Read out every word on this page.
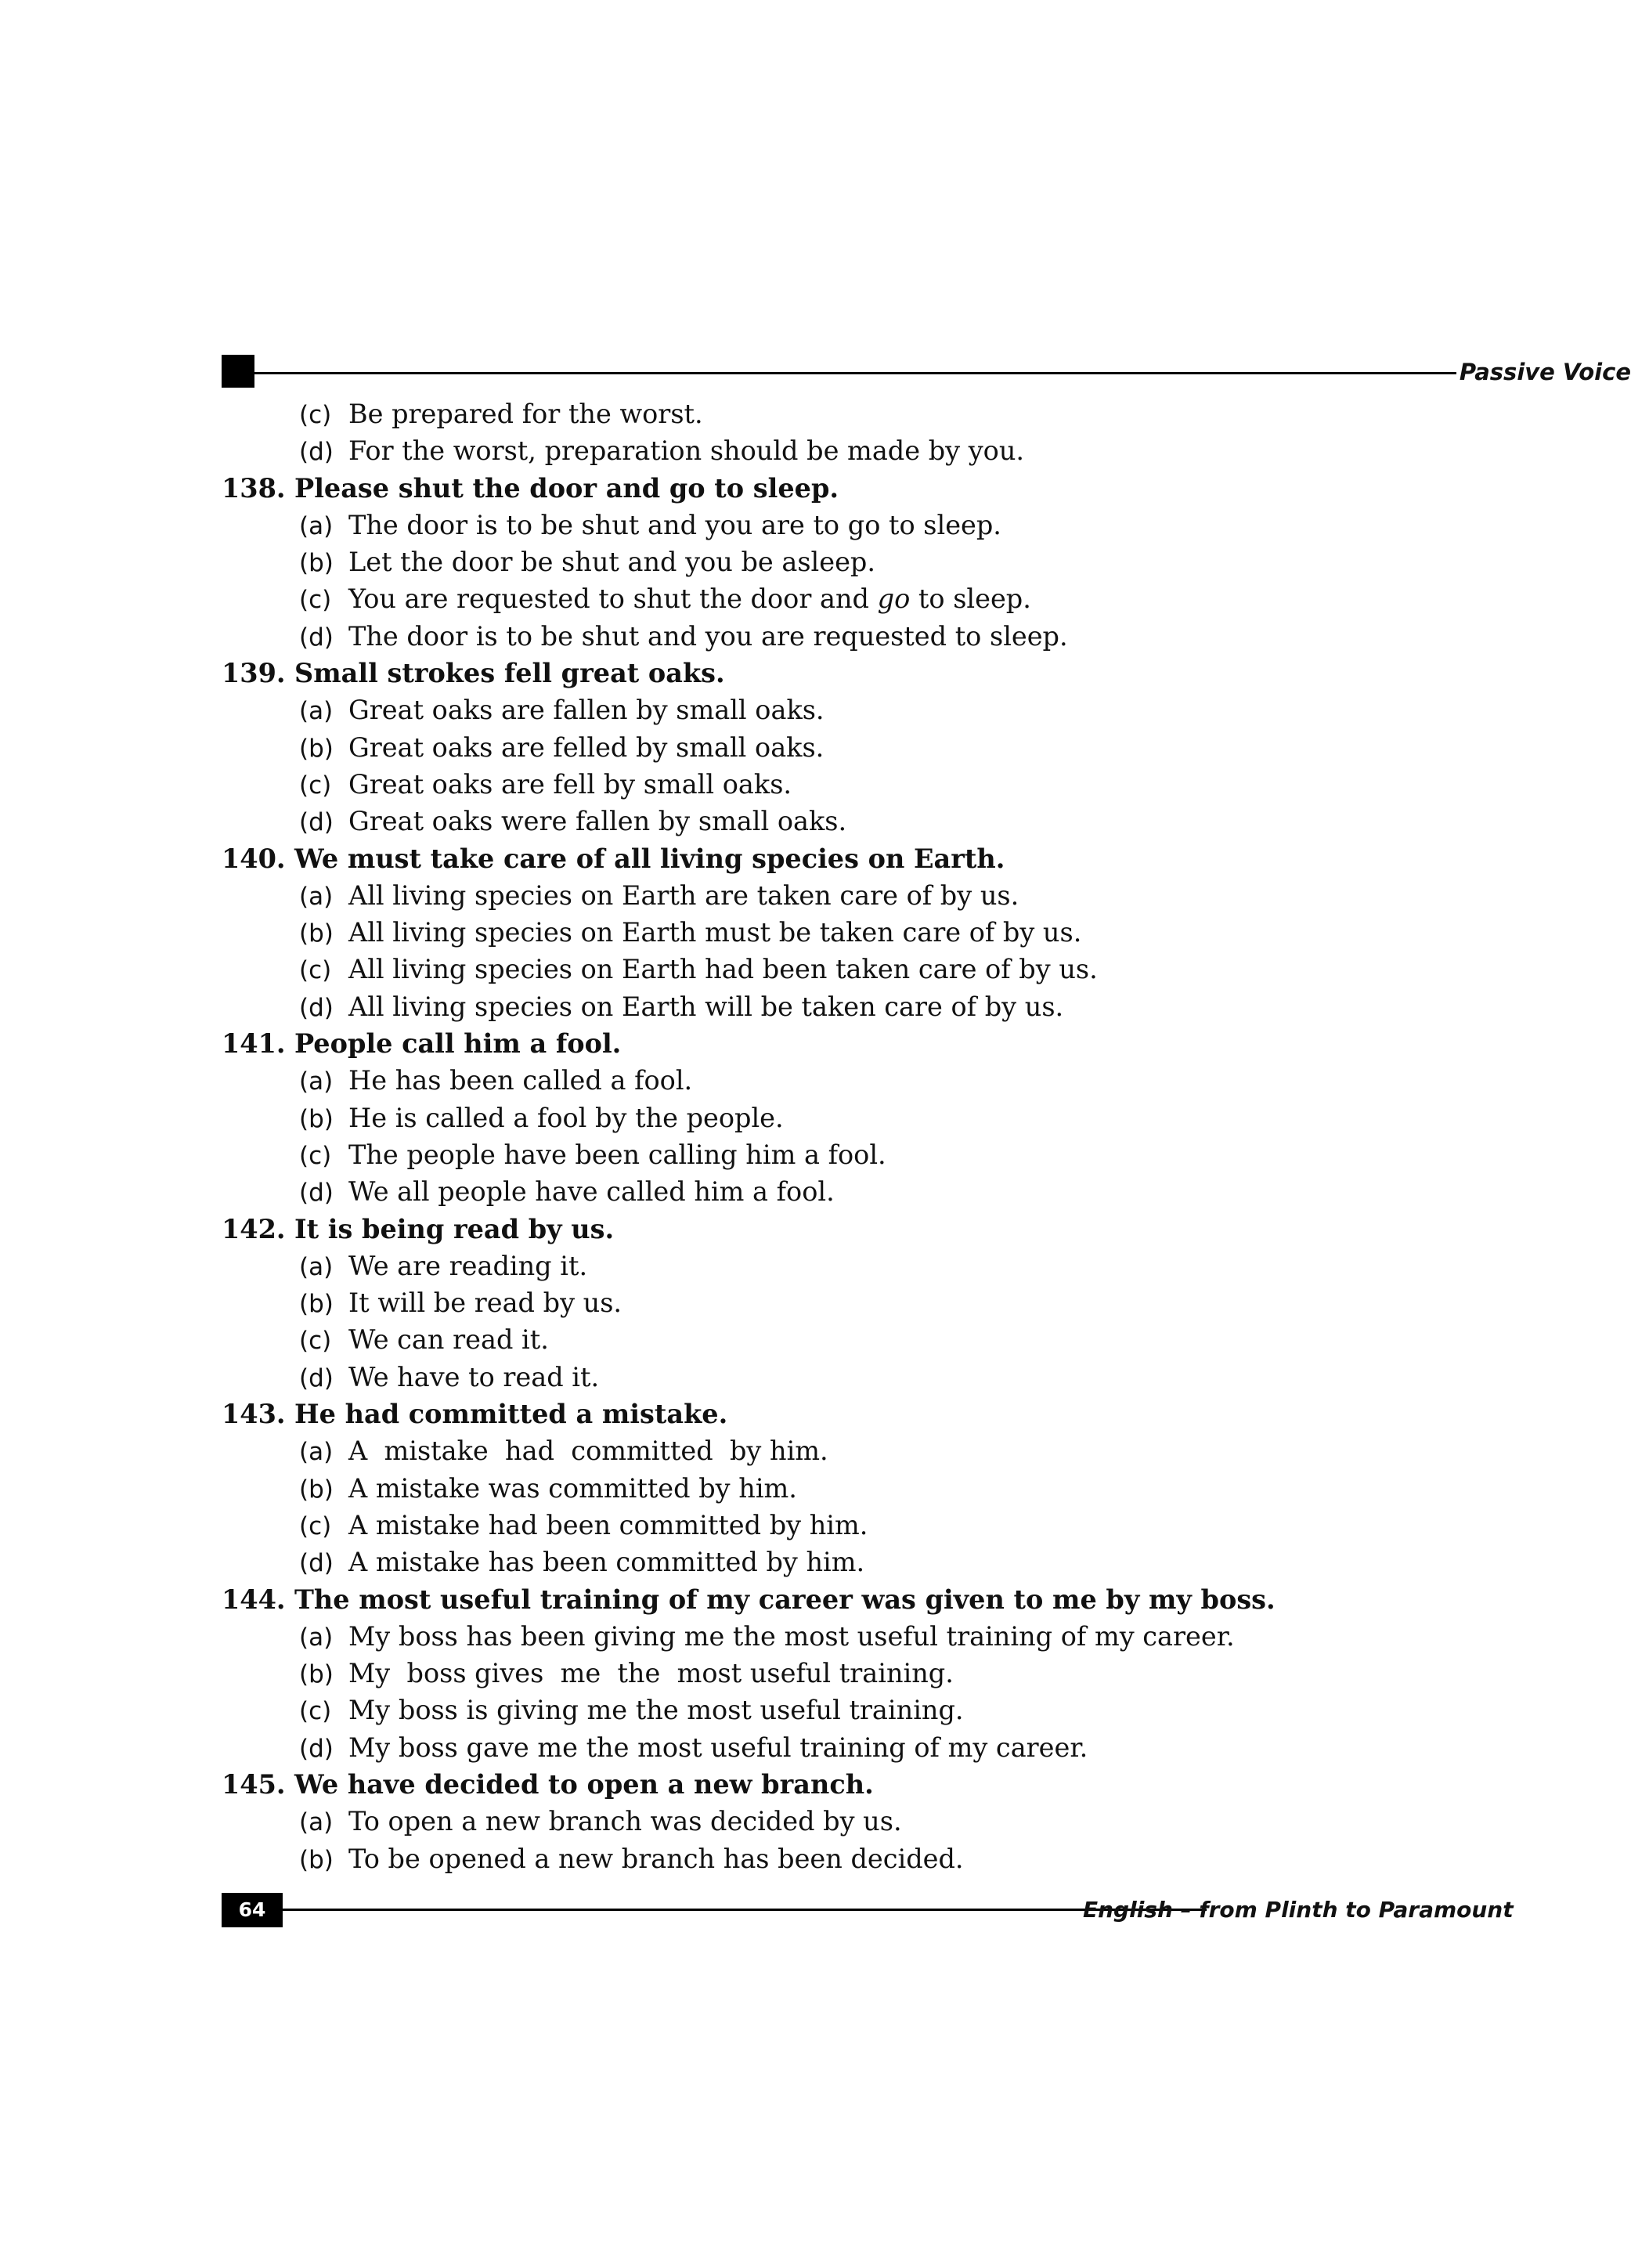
Passive Voice
(c) Be prepared for the worst.
(d) For the worst, preparation should be made by you.
138. Please shut the door and go to sleep.
(a) The door is to be shut and you are to go to sleep.
(b) Let the door be shut and you be asleep.
(c) You are requested to shut the door and go to sleep.
(d) The door is to be shut and you are requested to sleep.
139. Small strokes fell great oaks.
(a) Great oaks are fallen by small oaks.
(b) Great oaks are felled by small oaks.
(c) Great oaks are fell by small oaks.
(d) Great oaks were fallen by small oaks.
140. We must take care of all living species on Earth.
(a) All living species on Earth are taken care of by us.
(b) All living species on Earth must be taken care of by us.
(c) All living species on Earth had been taken care of by us.
(d) All living species on Earth will be taken care of by us.
141. People call him a fool.
(a) He has been called a fool.
(b) He is called a fool by the people.
(c) The people have been calling him a fool.
(d) We all people have called him a fool.
142. It is being read by us.
(a) We are reading it.
(b) It will be read by us.
(c) We can read it.
(d) We have to read it.
143. He had committed a mistake.
(a) A  mistake  had  committed  by him.
(b) A mistake was committed by him.
(c) A mistake had been committed by him.
(d) A mistake has been committed by him.
144. The most useful training of my career was given to me by my boss.
(a) My boss has been giving me the most useful training of my career.
(b) My  boss gives  me  the  most useful training.
(c) My boss is giving me the most useful training.
(d) My boss gave me the most useful training of my career.
145. We have decided to open a new branch.
(a) To open a new branch was decided by us.
(b) To be opened a new branch has been decided.
64	English – from Plinth to Paramount
